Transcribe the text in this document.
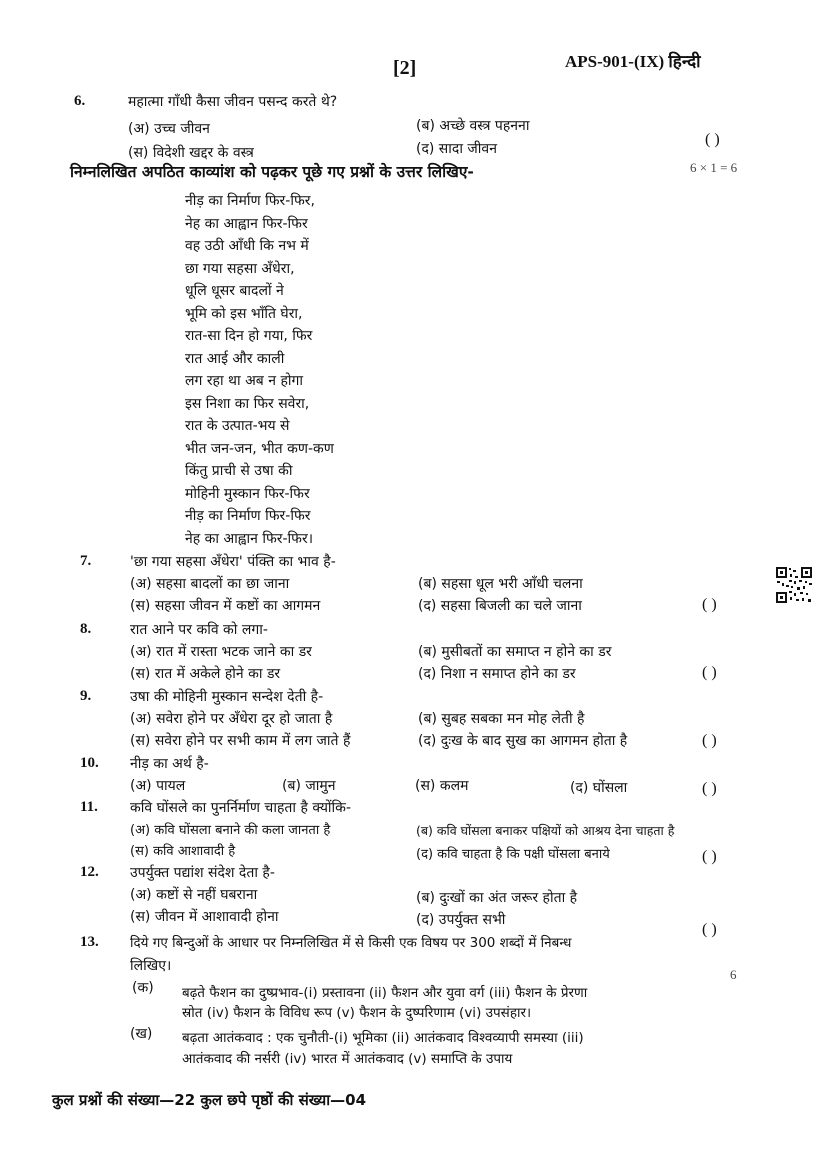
[2]	APS-901-(IX) हिन्दी
6.	महात्मा गाँधी कैसा जीवन पसन्द करते थे?
(अ) उच्च जीवन	(ब) अच्छे वस्त्र पहनना
(स) विदेशी खद्दर के वस्त्र	(द) सादा जीवन
( )
निम्नलिखित अपठित काव्यांश को पढ़कर पूछे गए प्रश्नों के उत्तर लिखिए-	6 × 1 = 6
नीड़ का निर्माण फिर-फिर,
नेह का आह्वान फिर-फिर
वह उठी आँधी कि नभ में
छा गया सहसा अँधेरा,
धूलि धूसर बादलों ने
भूमि को इस भाँति घेरा,
रात-सा दिन हो गया, फिर
रात आई और काली
लग रहा था अब न होगा
इस निशा का फिर सवेरा,
रात के उत्पात-भय से
भीत जन-जन, भीत कण-कण
किंतु प्राची से उषा की
मोहिनी मुस्कान फिर-फिर
नीड़ का निर्माण फिर-फिर
नेह का आह्वान फिर-फिर।
7.	'छा गया सहसा अँधेरा' पंक्ति का भाव है-
(अ) सहसा बादलों का छा जाना	(ब) सहसा धूल भरी आँधी चलना
(स) सहसा जीवन में कष्टों का आगमन	(द) सहसा बिजली का चले जाना	( )
8.	रात आने पर कवि को लगा-
(अ) रात में रास्ता भटक जाने का डर	(ब) मुसीबतों का समाप्त न होने का डर
(स) रात में अकेले होने का डर	(द) निशा न समाप्त होने का डर	( )
9.	उषा की मोहिनी मुस्कान सन्देश देती है-
(अ) सवेरा होने पर अँधेरा दूर हो जाता है	(ब) सुबह सबका मन मोह लेती है
(स) सवेरा होने पर सभी काम में लग जाते हैं	(द) दुःख के बाद सुख का आगमन होता है	( )
10. नीड़ का अर्थ है-
(अ) पायल	(ब) जामुन	(स) कलम	(द) घोंसला	( )
11. कवि घोंसले का पुनर्निर्माण चाहता है क्योंकि-
(अ) कवि घोंसला बनाने की कला जानता है	(ब) कवि घोंसला बनाकर पक्षियों को आश्रय देना चाहता है
(स) कवि आशावादी है	(द) कवि चाहता है कि पक्षी घोंसला बनाये	( )
12. उपर्युक्त पद्यांश संदेश देता है-
(अ) कष्टों से नहीं घबराना	(ब) दुःखों का अंत जरूर होता है
(स) जीवन में आशावादी होना	(द) उपर्युक्त सभी
( )
13. दिये गए बिन्दुओं के आधार पर निम्नलिखित में से किसी एक विषय पर 300 शब्दों में निबन्ध
लिखिए।
6
(क) बढ़ते फैशन का दुष्प्रभाव-(i) प्रस्तावना (ii) फैशन और युवा वर्ग (iii) फैशन के प्रेरणा
स्रोत (iv) फैशन के विविध रूप (v) फैशन के दुष्परिणाम (vi) उपसंहार।
(ख) बढ़ता आतंकवाद : एक चुनौती-(i) भूमिका (ii) आतंकवाद विश्वव्यापी समस्या (iii)
आतंकवाद की नर्सरी (iv) भारत में आतंकवाद (v) समाप्ति के उपाय
कुल प्रश्नों की संख्या—22 कुल छपे पृष्ठों की संख्या—04
